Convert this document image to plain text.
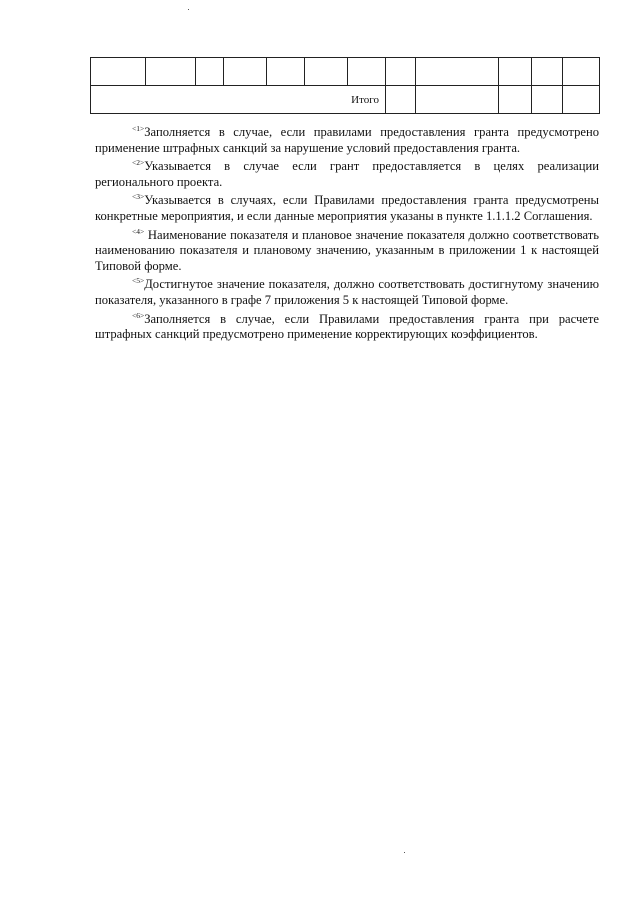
Итого											

$^{<1>}$Заполняется в случае, если правилами предоставления гранта предусмотрено применение штрафных санкций за нарушение условий предоставления гранта.

$^{<2>}$Указывается в случае если грант предоставляется в целях реализации регионального проекта.

$^{<3>}$Указывается в случаях, если Правилами предоставления гранта предусмотрены конкретные мероприятия, и если данные мероприятия указаны в пункте 1.1.1.2 Соглашения.

$^{<4>}$ Наименование показателя и плановое значение показателя должно соответствовать наименованию показателя и плановому значению, указанным в приложении 1 к настоящей Типовой форме.

$^{<5>}$Достигнутое значение показателя, должно соответствовать достигнутому значению показателя, указанного в графе 7 приложения 5 к настоящей Типовой форме.

$^{<6>}$Заполняется в случае, если Правилами предоставления гранта при расчете штрафных санкций предусмотрено применение корректирующих коэффициентов.
